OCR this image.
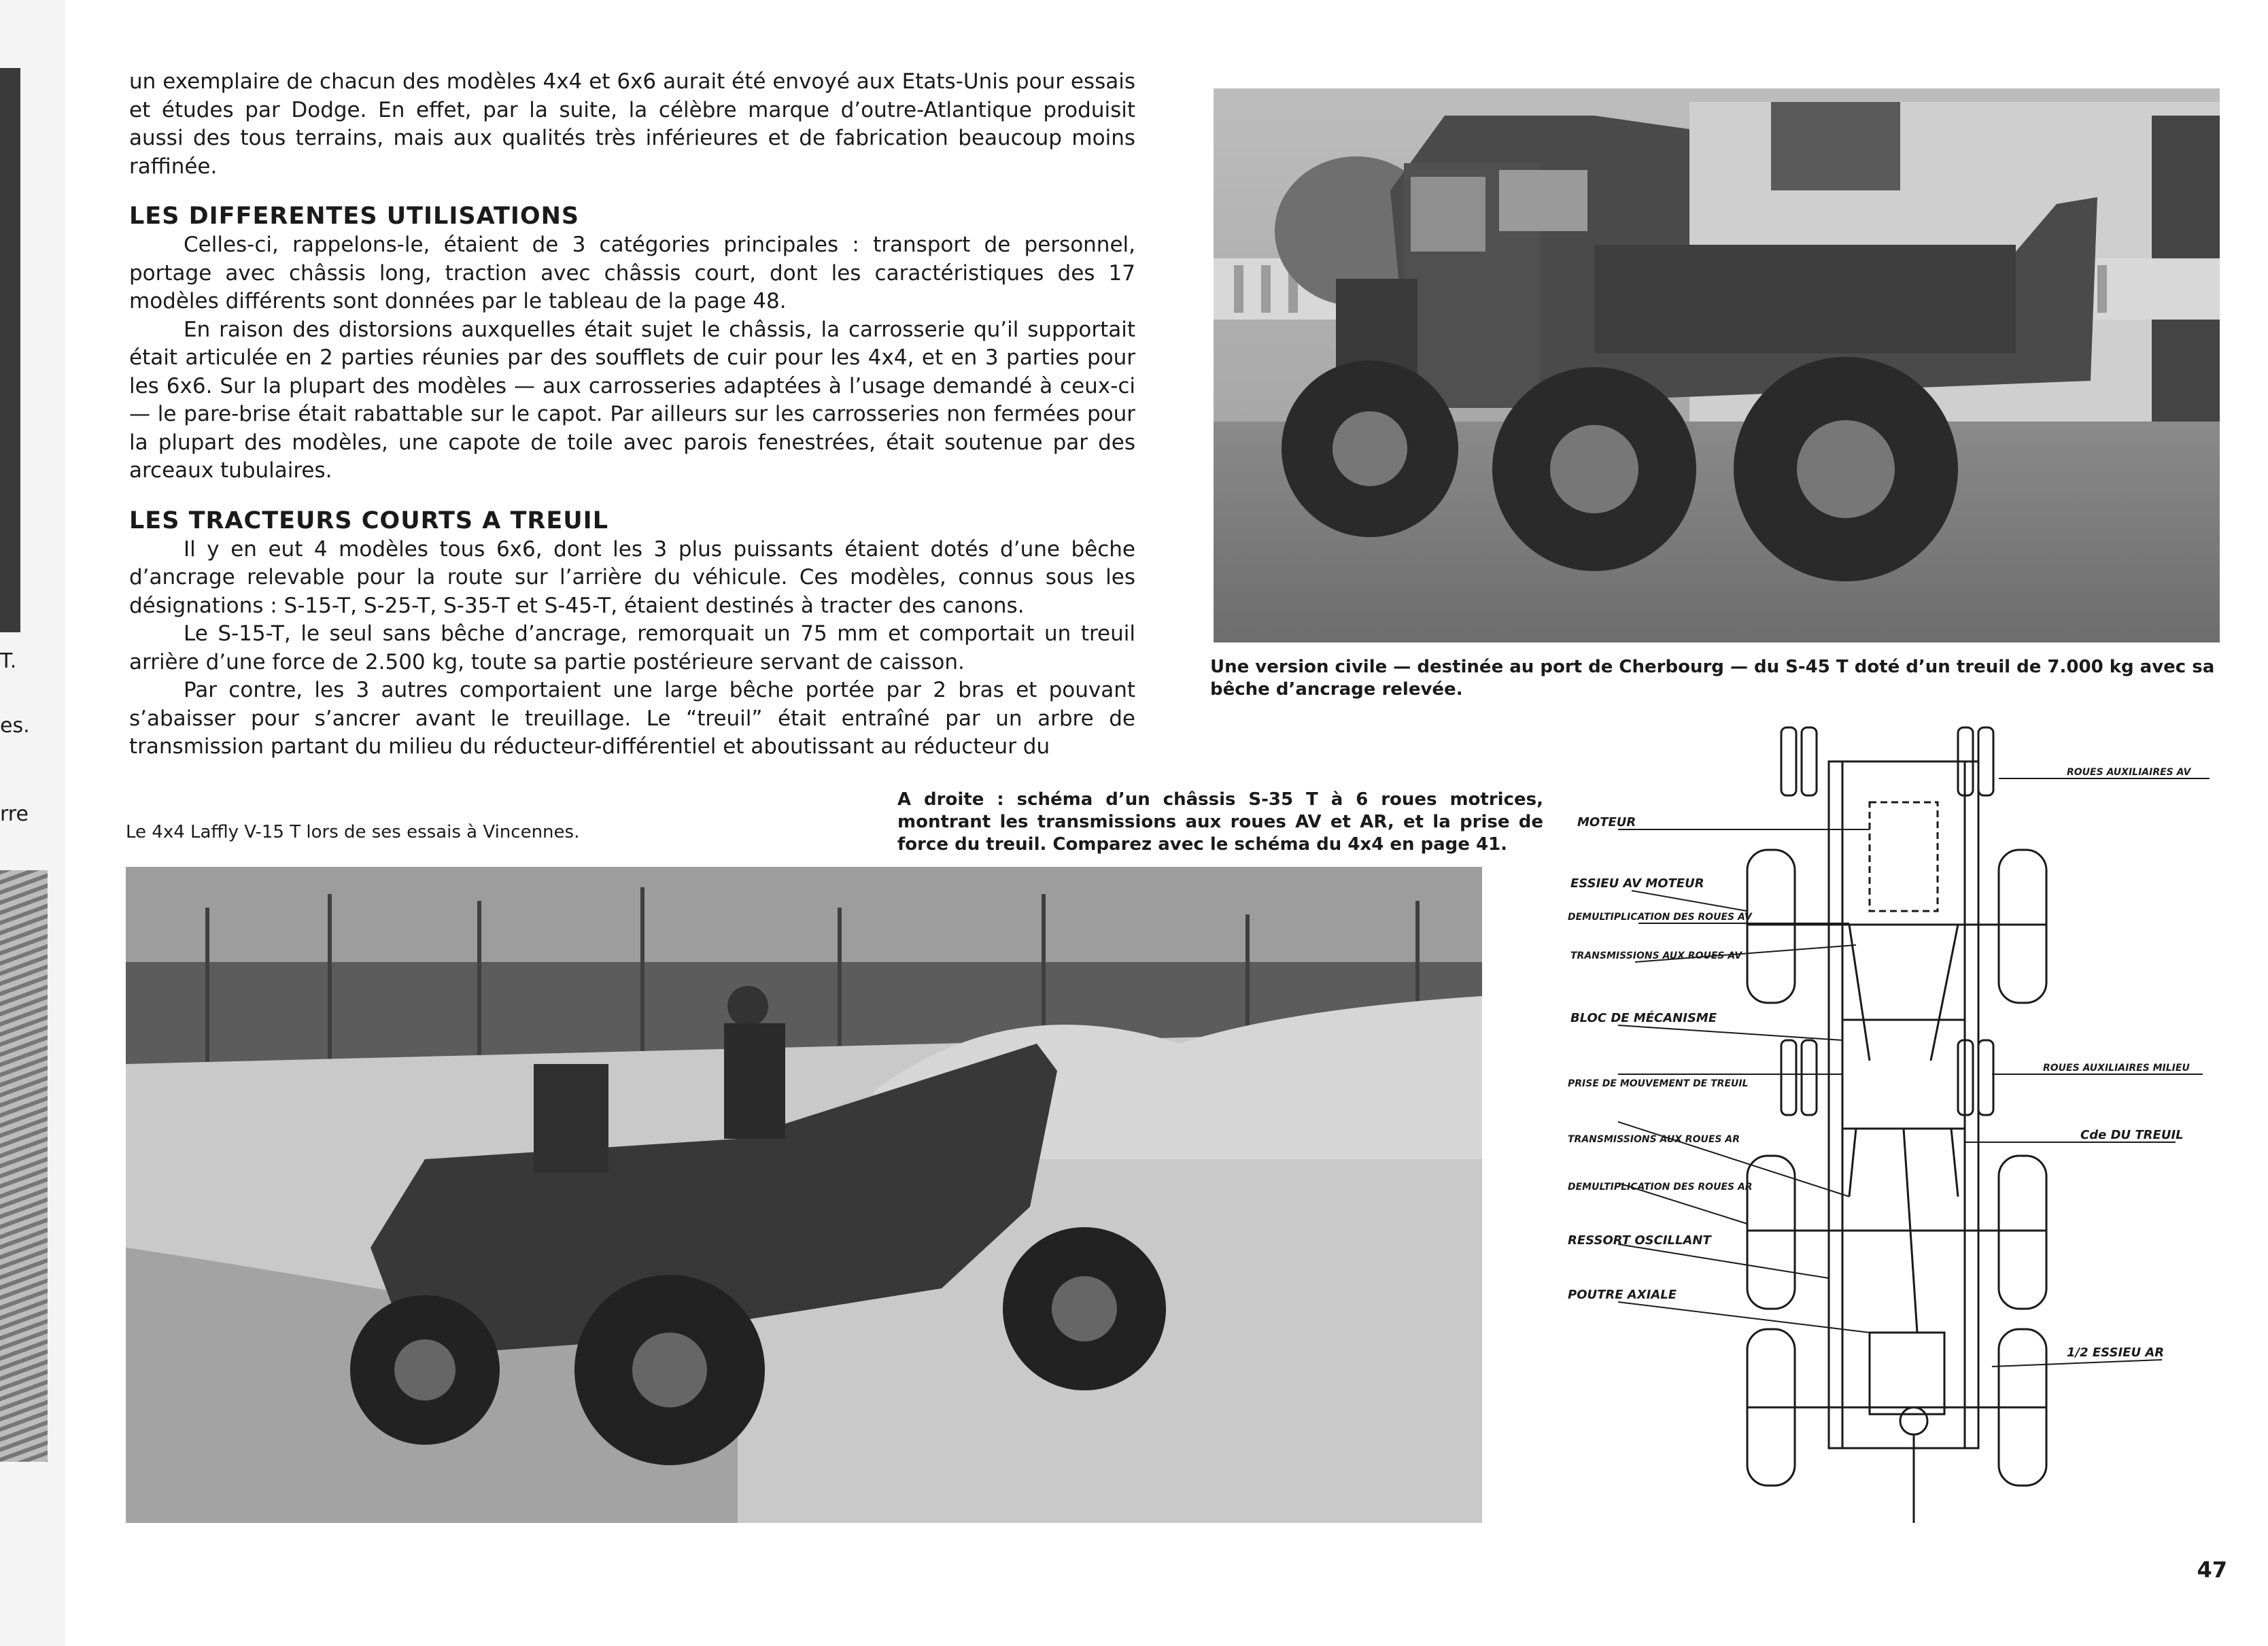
T.
es.
rre

un exemplaire de chacun des modèles 4x4 et 6x6 aurait été envoyé aux Etats-Unis pour essais et études par Dodge. En effet, par la suite, la célèbre marque d’outre-Atlantique produisit aussi des tous terrains, mais aux qualités très inférieures et de fabrication beaucoup moins raffinée.

LES DIFFERENTES UTILISATIONS

Celles-ci, rappelons-le, étaient de 3 catégories principales : transport de personnel, portage avec châssis long, traction avec châssis court, dont les caractéristiques des 17 modèles différents sont données par le tableau de la page 48.

En raison des distorsions auxquelles était sujet le châssis, la carrosserie qu’il supportait était articulée en 2 parties réunies par des soufflets de cuir pour les 4x4, et en 3 parties pour les 6x6. Sur la plupart des modèles — aux carrosseries adaptées à l’usage demandé à ceux-ci — le pare-brise était rabattable sur le capot. Par ailleurs sur les carrosseries non fermées pour la plupart des modèles, une capote de toile avec parois fenestrées, était soutenue par des arceaux tubulaires.

LES TRACTEURS COURTS A TREUIL

Il y en eut 4 modèles tous 6x6, dont les 3 plus puissants étaient dotés d’une bêche d’ancrage relevable pour la route sur l’arrière du véhicule. Ces modèles, connus sous les désignations : S-15-T, S-25-T, S-35-T et S-45-T, étaient destinés à tracter des canons.

Le S-15-T, le seul sans bêche d’ancrage, remorquait un 75 mm et comportait un treuil arrière d’une force de 2.500 kg, toute sa partie postérieure servant de caisson.

Par contre, les 3 autres comportaient une large bêche portée par 2 bras et pouvant s’abaisser pour s’ancrer avant le treuillage. Le “treuil” était entraîné par un arbre de transmission partant du milieu du réducteur-différentiel et aboutissant au réducteur du

Une version civile — destinée au port de Cherbourg — du S-45 T doté d’un treuil de 7.000 kg avec sa bêche d’ancrage relevée.
Le 4x4 Laffly V-15 T lors de ses essais à Vincennes.
A droite : schéma d’un châssis S-35 T à 6 roues motrices, montrant les transmissions aux roues AV et AR, et la prise de force du treuil. Comparez avec le schéma du 4x4 en page 41.
MOTEUR
ESSIEU AV MOTEUR
DEMULTIPLICATION DES ROUES AV
TRANSMISSIONS AUX ROUES AV
BLOC DE MÉCANISME
PRISE DE MOUVEMENT DE TREUIL
TRANSMISSIONS AUX ROUES AR
DEMULTIPLICATION DES ROUES AR
RESSORT OSCILLANT
POUTRE AXIALE
ROUES AUXILIAIRES AV
ROUES AUXILIAIRES MILIEU
Cde DU TREUIL
1/2 ESSIEU AR
47
